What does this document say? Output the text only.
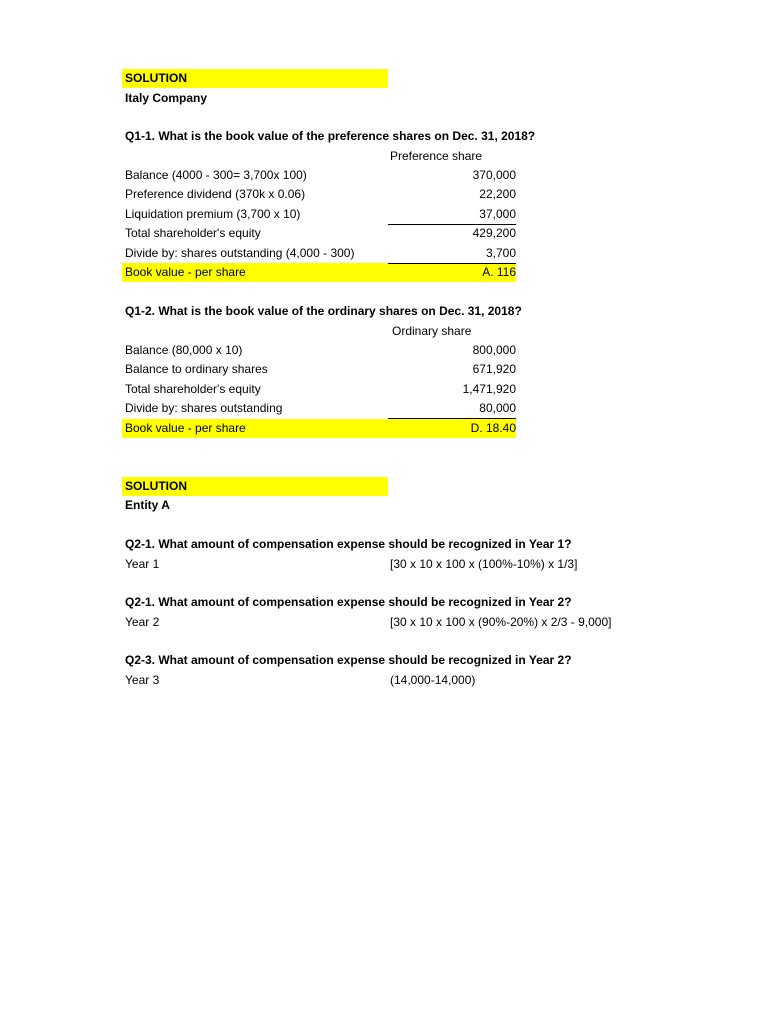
SOLUTION
Italy Company
Q1-1. What is the book value of the preference shares on Dec. 31, 2018?
Preference share
Balance (4000 - 300= 3,700x 100)	370,000
Preference dividend (370k x 0.06)	22,200
Liquidation premium (3,700 x 10)	37,000
Total shareholder's equity	429,200
Divide by: shares outstanding (4,000 - 300)	3,700
Book value - per share	A. 116
Q1-2. What is the book value of the ordinary shares on Dec. 31, 2018?
Ordinary share
Balance (80,000 x 10)	800,000
Balance to ordinary shares	671,920
Total shareholder's equity	1,471,920
Divide by: shares outstanding	80,000
Book value - per share	D. 18.40
SOLUTION
Entity A
Q2-1. What amount of compensation expense should be recognized in Year 1?
Year 1	[30 x 10 x 100 x (100%-10%) x 1/3]
Q2-1. What amount of compensation expense should be recognized in Year 2?
Year 2	[30 x 10 x 100 x (90%-20%) x 2/3 - 9,000]
Q2-3. What amount of compensation expense should be recognized in Year 2?
Year 3	(14,000-14,000)
